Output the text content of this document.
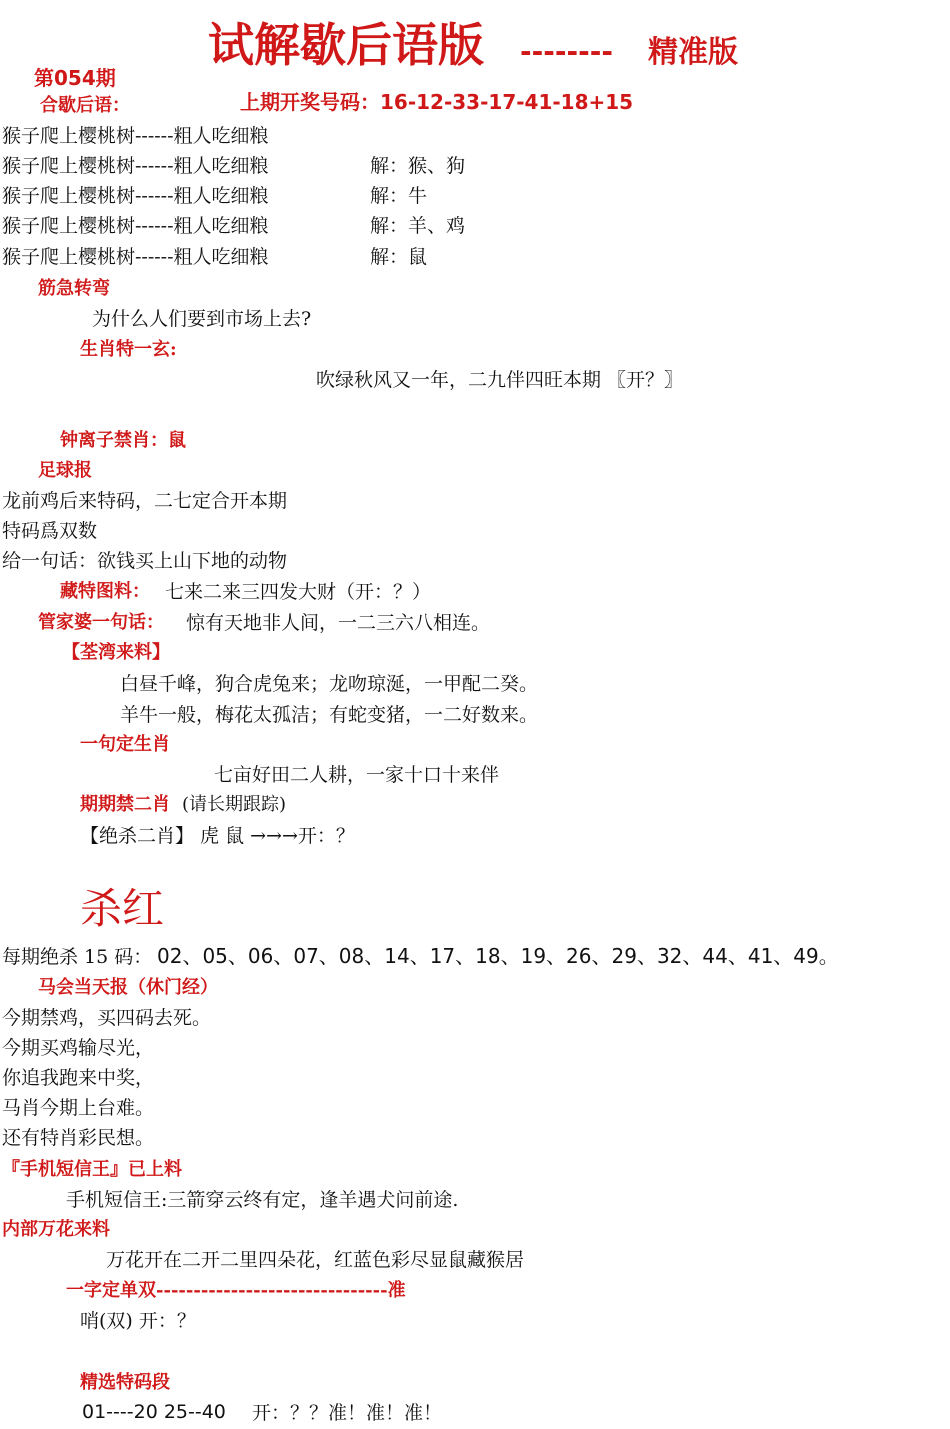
试解歇后语版 -------- 精准版
第054期
上期开奖号码：16-12-33-17-41-18+15
合歇后语：
猴子爬上樱桃树------粗人吃细粮
猴子爬上樱桃树------粗人吃细粮	解：猴、狗
猴子爬上樱桃树------粗人吃细粮	解：牛
猴子爬上樱桃树------粗人吃细粮	解：羊、鸡
猴子爬上樱桃树------粗人吃细粮	解：鼠
筋急转弯
为什么人们要到市场上去?
生肖特一玄:
吹绿秋风又一年，二九伴四旺本期 〖开？〗
钟离子禁肖：鼠
足球报
龙前鸡后来特码，二七定合开本期
特码爲双数
给一句话：欲钱买上山下地的动物
藏特图料： 七来二来三四发大财（开：？）
管家婆一句话： 惊有天地非人间，一二三六八相连。
【荃湾来料】
白昼千峰，狗合虎兔来；龙吻琼涎，一甲配二癸。
羊牛一般，梅花太孤洁；有蛇变猪，一二好数来。
一句定生肖
七亩好田二人耕，一家十口十来伴
期期禁二肖 (请长期跟踪)
【绝杀二肖】 虎 鼠 →→→开：？
杀红
每期绝杀 15 码： 02、05、06、07、08、14、17、18、19、26、29、32、44、41、49。
马会当天报（休门经）
今期禁鸡，买四码去死。
今期买鸡输尽光，
你追我跑来中奖，
马肖今期上台难。
还有特肖彩民想。
『手机短信王』已上料
手机短信王:三箭穿云终有定，逢羊遇犬问前途.
内部万花来料
万花开在二开二里四朵花，红蓝色彩尽显鼠藏猴居
一字定单双-------------------------------准
哨(双) 开：？
精选特码段
01----20 25--40 开：？？准！准！准！
